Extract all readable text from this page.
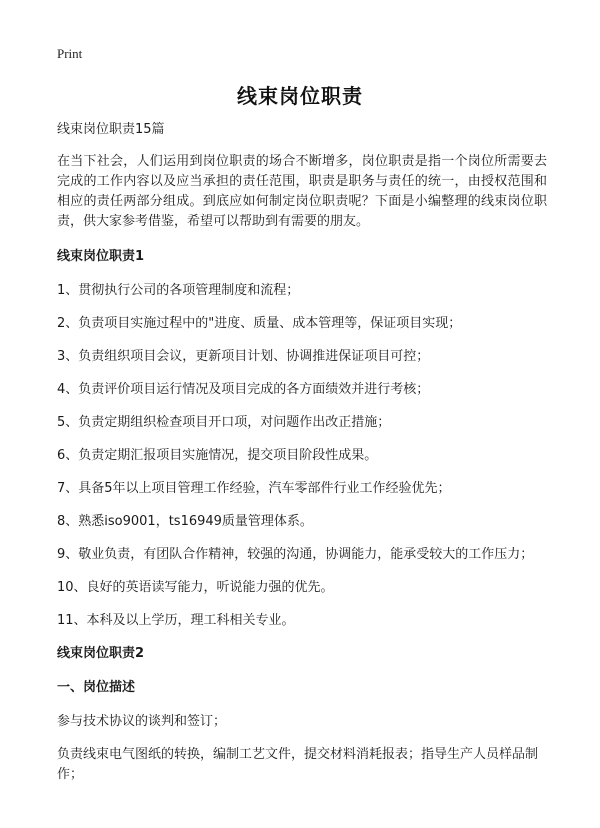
Print
线束岗位职责

线束岗位职责15篇

在当下社会，人们运用到岗位职责的场合不断增多，岗位职责是指一个岗位所需要去完成的工作内容以及应当承担的责任范围，职责是职务与责任的统一，由授权范围和相应的责任两部分组成。到底应如何制定岗位职责呢？下面是小编整理的线束岗位职责，供大家参考借鉴，希望可以帮助到有需要的朋友。

线束岗位职责1

1、贯彻执行公司的各项管理制度和流程；

2、负责项目实施过程中的"进度、质量、成本管理等，保证项目实现；

3、负责组织项目会议，更新项目计划、协调推进保证项目可控；

4、负责评价项目运行情况及项目完成的各方面绩效并进行考核；

5、负责定期组织检查项目开口项，对问题作出改正措施；

6、负责定期汇报项目实施情况，提交项目阶段性成果。

7、具备5年以上项目管理工作经验，汽车零部件行业工作经验优先；

8、熟悉iso9001，ts16949质量管理体系。

9、敬业负责，有团队合作精神，较强的沟通，协调能力，能承受较大的工作压力；

10、良好的英语读写能力，听说能力强的优先。

11、本科及以上学历，理工科相关专业。

线束岗位职责2

一、岗位描述

参与技术协议的谈判和签订；

负责线束电气图纸的转换，编制工艺文件，提交材料消耗报表；指导生产人员样品制作；
